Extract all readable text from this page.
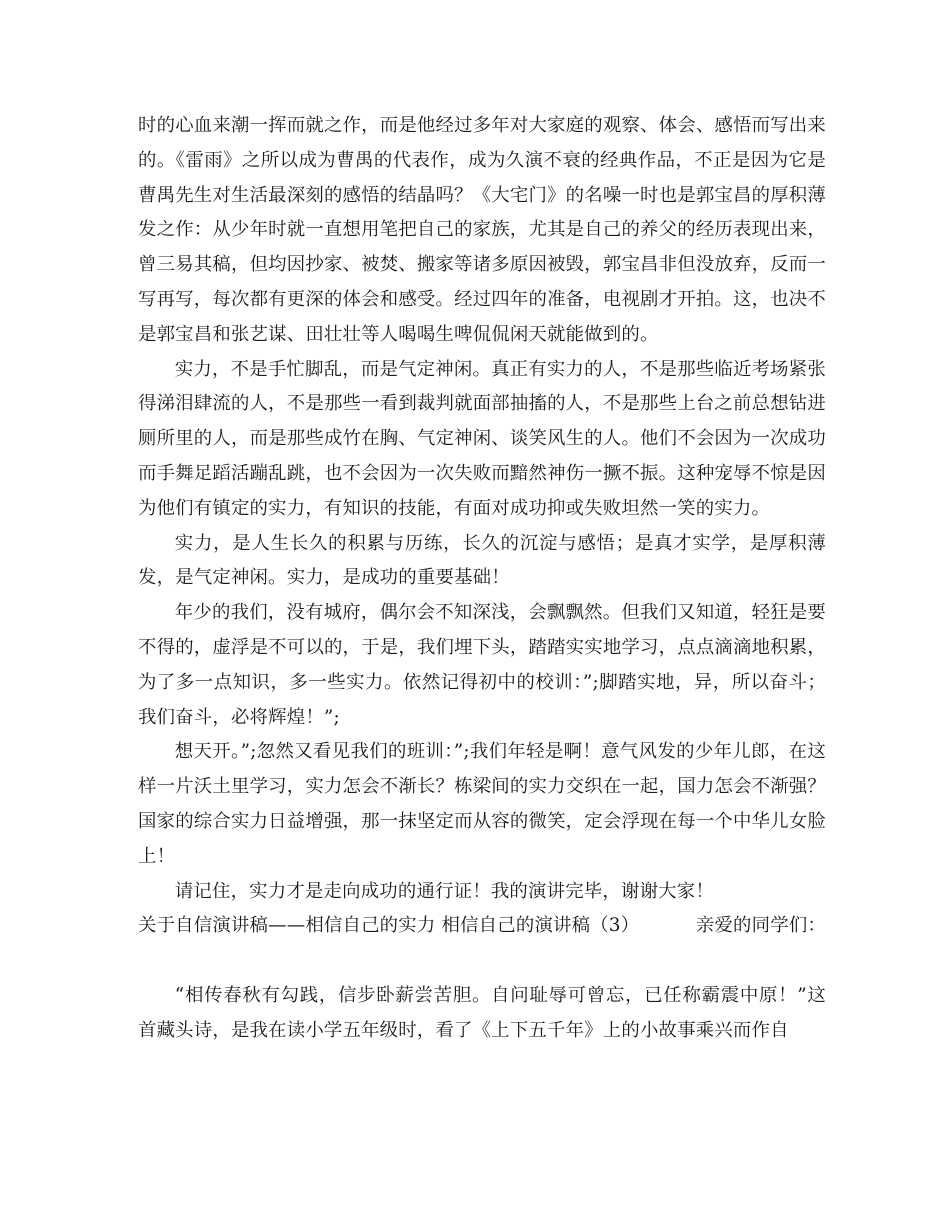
时的心血来潮一挥而就之作，而是他经过多年对大家庭的观察、体会、感悟而写出来的。《雷雨》之所以成为曹禺的代表作，成为久演不衰的经典作品，不正是因为它是曹禺先生对生活最深刻的感悟的结晶吗？《大宅门》的名噪一时也是郭宝昌的厚积薄发之作：从少年时就一直想用笔把自己的家族，尤其是自己的养父的经历表现出来，曾三易其稿，但均因抄家、被焚、搬家等诸多原因被毁，郭宝昌非但没放弃，反而一写再写，每次都有更深的体会和感受。经过四年的准备，电视剧才开拍。这，也决不是郭宝昌和张艺谋、田壮壮等人喝喝生啤侃侃闲天就能做到的。

实力，不是手忙脚乱，而是气定神闲。真正有实力的人，不是那些临近考场紧张得涕泪肆流的人，不是那些一看到裁判就面部抽搐的人，不是那些上台之前总想钻进厕所里的人，而是那些成竹在胸、气定神闲、谈笑风生的人。他们不会因为一次成功而手舞足蹈活蹦乱跳，也不会因为一次失败而黯然神伤一撅不振。这种宠辱不惊是因为他们有镇定的实力，有知识的技能，有面对成功抑或失败坦然一笑的实力。

实力，是人生长久的积累与历练，长久的沉淀与感悟；是真才实学，是厚积薄发，是气定神闲。实力，是成功的重要基础！

年少的我们，没有城府，偶尔会不知深浅，会飘飘然。但我们又知道，轻狂是要不得的，虚浮是不可以的，于是，我们埋下头，踏踏实实地学习，点点滴滴地积累，为了多一点知识，多一些实力。依然记得初中的校训：”;脚踏实地，异，所以奋斗；我们奋斗，必将辉煌！”;

想天开。”;忽然又看见我们的班训：”;我们年轻是啊！意气风发的少年儿郎，在这样一片沃土里学习，实力怎会不渐长？栋梁间的实力交织在一起，国力怎会不渐强？国家的综合实力日益增强，那一抹坚定而从容的微笑，定会浮现在每一个中华儿女脸上！

请记住，实力才是走向成功的通行证！我的演讲完毕，谢谢大家！

关于自信演讲稿——相信自己的实力 相信自己的演讲稿（3）	亲爱的同学们：

“相传春秋有勾践，信步卧薪尝苦胆。自问耻辱可曾忘，已任称霸震中原！”这首藏头诗，是我在读小学五年级时，看了《上下五千年》上的小故事乘兴而作自
